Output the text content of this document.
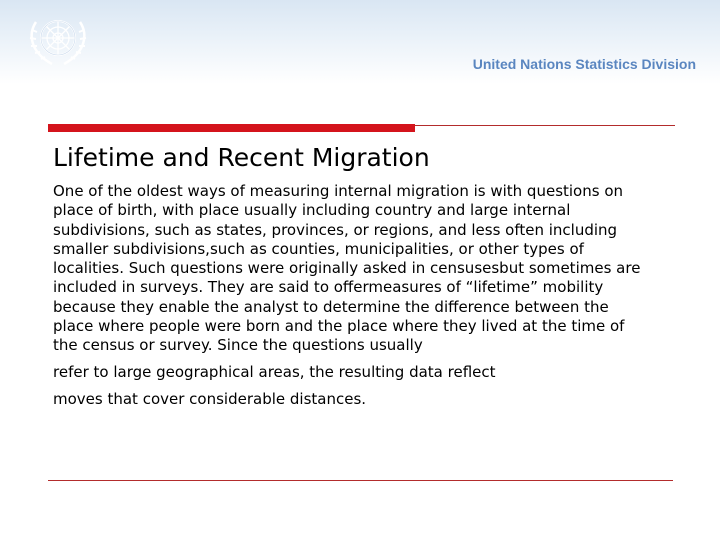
United Nations Statistics Division
Lifetime and Recent Migration

One of the oldest ways of measuring internal migration is with questions on
place of birth, with place usually including country and large internal
subdivisions, such as states, provinces, or regions, and less often including
smaller subdivisions,such as counties, municipalities, or other types of
localities. Such questions were originally asked in censusesbut sometimes are
included in surveys. They are said to offermeasures of “lifetime” mobility
because they enable the analyst to determine the difference between the
place where people were born and the place where they lived at the time of
the census or survey. Since the questions usually

refer to large geographical areas, the resulting data reflect

moves that cover considerable distances.
